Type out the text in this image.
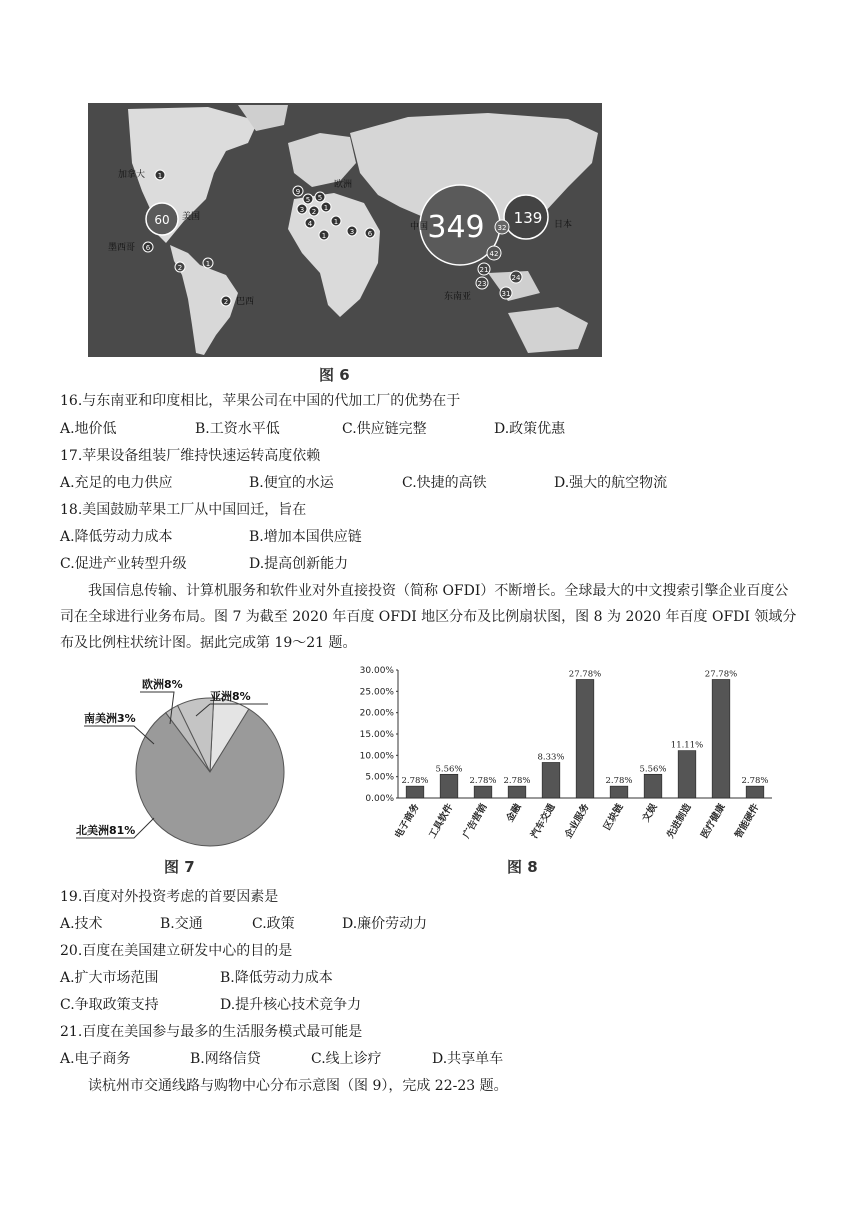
60 美国
1
加拿大
6
墨西哥
2	1
2 巴西
欧洲
9
5 5
3 2 1
4	1
3 6
1	349
中国	139 日本
32
42
21
24
23
31
东南亚
图 6
16.与东南亚和印度相比，苹果公司在中国的代加工厂的优势在于
A.地价低	B.工资水平低	C.供应链完整	D.政策优惠
17.苹果设备组装厂维持快速运转高度依赖
A.充足的电力供应	B.便宜的水运	C.快捷的高铁	D.强大的航空物流
18.美国鼓励苹果工厂从中国回迁，旨在
A.降低劳动力成本	B.增加本国供应链
C.促进产业转型升级	D.提高创新能力
我国信息传输、计算机服务和软件业对外直接投资（简称 OFDI）不断增长。全球最大的中文搜索引擎企业百度公司在全球进行业务布局。图 7 为截至 2020 年百度 OFDI 地区分布及比例扇状图，图 8 为 2020 年百度 OFDI 领域分布及比例柱状统计图。据此完成第 19～21 题。
欧洲8%
亚洲8%
南美洲3%
北美洲81%
图 7
0.00%
5.00%
10.00%
15.00%
20.00%
25.00%
30.00%
2.78%
电子商务
5.56%
工具软件
2.78%
广告营销
2.78%
金融
8.33%
汽车交通
27.78%
企业服务
2.78%
区块链
5.56%
文娱
11.11%
先进制造
27.78%
医疗健康
2.78%
智能硬件
图 8
19.百度对外投资考虑的首要因素是
A.技术	B.交通	C.政策	D.廉价劳动力
20.百度在美国建立研发中心的目的是
A.扩大市场范围	B.降低劳动力成本
C.争取政策支持	D.提升核心技术竞争力
21.百度在美国参与最多的生活服务模式最可能是
A.电子商务	B.网络信贷	C.线上诊疗	D.共享单车
读杭州市交通线路与购物中心分布示意图（图 9），完成 22-23 题。
